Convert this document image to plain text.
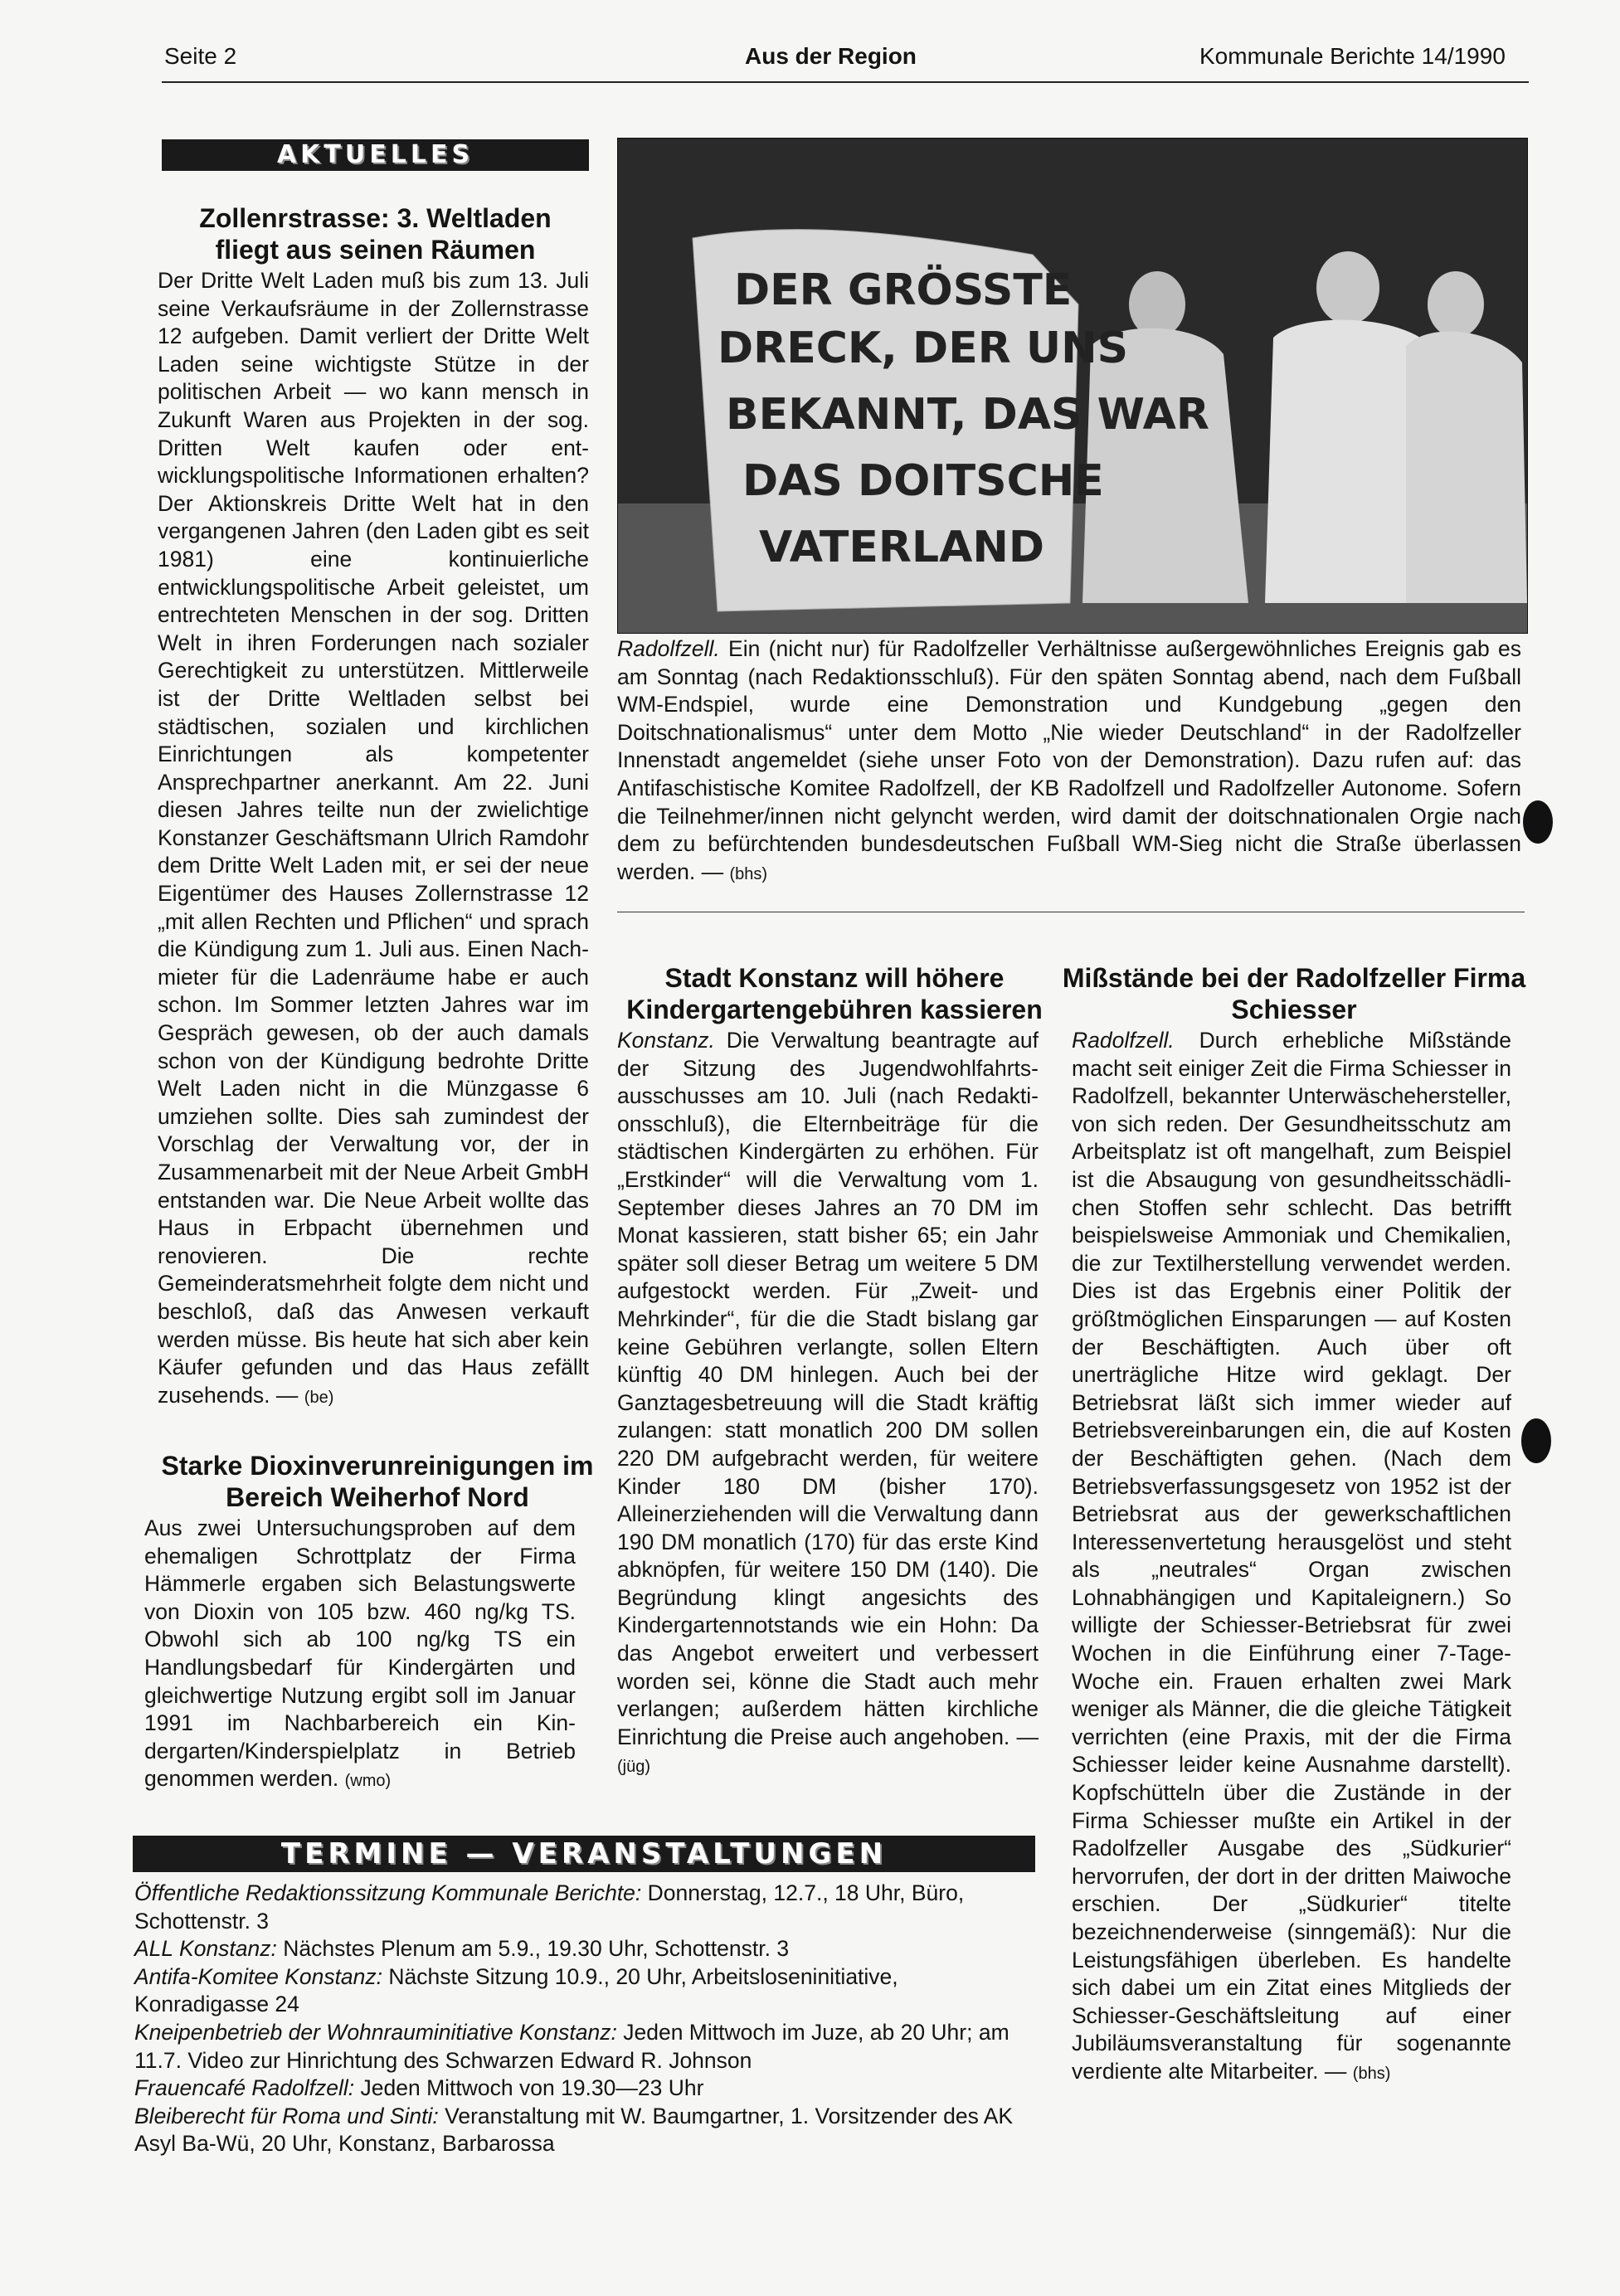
Seite 2	Aus der Region	Kommunale Berichte 14/1990
AKTUELLES
Zollenrstrasse: 3. Weltladen fliegt aus seinen Räumen
Der Dritte Welt Laden muß bis zum 13. Juli seine Verkaufsräume in der Zollernstrasse 12 aufgeben. Damit verliert der Dritte Welt Laden seine wichtigste Stütze in der politischen Arbeit — wo kann mensch in Zukunft Waren aus Projekten in der sog. Dritten Welt kaufen oder entwicklungspolitische Informationen erhalten? Der Aktionskreis Dritte Welt hat in den vergangenen Jahren (den Laden gibt es seit 1981) eine kontinuierliche entwicklungspolitische Arbeit geleistet, um entrechteten Menschen in der sog. Dritten Welt in ihren Forderungen nach sozialer Gerechtigkeit zu unterstützen. Mittlerweile ist der Dritte Weltladen selbst bei städtischen, sozialen und kirchlichen Einrichtungen als kompetenter Ansprechpartner anerkannt. Am 22. Juni diesen Jahres teilte nun der zwielichtige Konstanzer Geschäftsmann Ulrich Ramdohr dem Dritte Welt Laden mit, er sei der neue Eigentümer des Hauses Zollernstrasse 12 „mit allen Rechten und Pflichen“ und sprach die Kündigung zum 1. Juli aus. Einen Nachmieter für die Ladenräume habe er auch schon. Im Sommer letzten Jahres war im Gespräch gewesen, ob der auch damals schon von der Kündigung bedrohte Dritte Welt Laden nicht in die Münzgasse 6 umziehen sollte. Dies sah zumindest der Vorschlag der Verwaltung vor, der in Zusammenarbeit mit der Neue Arbeit GmbH entstanden war. Die Neue Arbeit wollte das Haus in Erbpacht übernehmen und renovieren. Die rechte Gemeinderatsmehrheit folgte dem nicht und beschloß, daß das Anwesen verkauft werden müsse. Bis heute hat sich aber kein Käufer gefunden und das Haus zefällt zusehends. — (be)
Starke Dioxinverunreinigungen im Bereich Weiherhof Nord
Aus zwei Untersuchungsproben auf dem ehemaligen Schrottplatz der Firma Hämmerle ergaben sich Belastungswerte von Dioxin von 105 bzw. 460 ng/kg TS. Obwohl sich ab 100 ng/kg TS ein Handlungsbedarf für Kindergärten und gleichwertige Nutzung ergibt soll im Januar 1991 im Nachbarbereich ein Kindergarten/Kinderspielplatz in Betrieb genommen werden. (wmo)
DER GRÖSSTE
DRECK, DER UNS
BEKANNT, DAS WAR
DAS DOITSCHE
VATERLAND
Radolfzell. Ein (nicht nur) für Radolfzeller Verhältnisse außergewöhnliches Ereignis gab es am Sonntag (nach Redaktionsschluß). Für den späten Sonntag abend, nach dem Fußball WM-Endspiel, wurde eine Demonstration und Kundgebung „gegen den Doitschnationalismus“ unter dem Motto „Nie wieder Deutschland“ in der Radolfzeller Innenstadt angemeldet (siehe unser Foto von der Demonstration). Dazu rufen auf: das Antifaschistische Komitee Radolfzell, der KB Radolfzell und Radolfzeller Autonome. Sofern die Teilnehmer/innen nicht gelyncht werden, wird damit der doitschnationalen Orgie nach dem zu befürchtenden bundesdeutschen Fußball WM-Sieg nicht die Straße überlassen werden. — (bhs)
Stadt Konstanz will höhere Kindergartengebühren kassieren
Konstanz. Die Verwaltung beantragte auf der Sitzung des Jugendwohlfahrtsausschusses am 10. Juli (nach Redaktionsschluß), die Elternbeiträge für die städtischen Kindergärten zu erhöhen. Für „Erstkinder“ will die Verwaltung vom 1. September dieses Jahres an 70 DM im Monat kassieren, statt bisher 65; ein Jahr später soll dieser Betrag um weitere 5 DM aufgestockt werden. Für „Zweit- und Mehrkinder“, für die die Stadt bislang gar keine Gebühren verlangte, sollen Eltern künftig 40 DM hinlegen. Auch bei der Ganztagesbetreuung will die Stadt kräftig zulangen: statt monatlich 200 DM sollen 220 DM aufgebracht werden, für weitere Kinder 180 DM (bisher 170). Alleinerziehenden will die Verwaltung dann 190 DM monatlich (170) für das erste Kind abknöpfen, für weitere 150 DM (140). Die Begründung klingt angesichts des Kindergartennotstands wie ein Hohn: Da das Angebot erweitert und verbessert worden sei, könne die Stadt auch mehr verlangen; außerdem hätten kirchliche Einrichtung die Preise auch angehoben. — (jüg)
Mißstände bei der Radolfzeller Firma Schiesser
Radolfzell. Durch erhebliche Mißstände macht seit einiger Zeit die Firma Schiesser in Radolfzell, bekannter Unterwäschehersteller, von sich reden. Der Gesundheitsschutz am Arbeitsplatz ist oft mangelhaft, zum Beispiel ist die Absaugung von gesundheitsschädlichen Stoffen sehr schlecht. Das betrifft beispielsweise Ammoniak und Chemikalien, die zur Textilherstellung verwendet werden. Dies ist das Ergebnis einer Politik der größtmöglichen Einsparungen — auf Kosten der Beschäftigten. Auch über oft unerträgliche Hitze wird geklagt. Der Betriebsrat läßt sich immer wieder auf Betriebsvereinbarungen ein, die auf Kosten der Beschäftigten gehen. (Nach dem Betriebsverfassungsgesetz von 1952 ist der Betriebsrat aus der gewerkschaftlichen Interessenvertetung herausgelöst und steht als „neutrales“ Organ zwischen Lohnabhängigen und Kapitaleignern.) So willigte der Schiesser-Betriebsrat für zwei Wochen in die Einführung einer 7-Tage-Woche ein. Frauen erhalten zwei Mark weniger als Männer, die die gleiche Tätigkeit verrichten (eine Praxis, mit der die Firma Schiesser leider keine Ausnahme darstellt). Kopfschütteln über die Zustände in der Firma Schiesser mußte ein Artikel in der Radolfzeller Ausgabe des „Südkurier“ hervorrufen, der dort in der dritten Maiwoche erschien. Der „Südkurier“ titelte bezeichnenderweise (sinngemäß): Nur die Leistungsfähigen überleben. Es handelte sich dabei um ein Zitat eines Mitglieds der Schiesser-Geschäftsleitung auf einer Jubiläumsveranstaltung für sogenannte verdiente alte Mitarbeiter. — (bhs)
TERMINE — VERANSTALTUNGEN

Öffentliche Redaktionssitzung Kommunale Berichte: Donnerstag, 12.7., 18 Uhr, Büro, Schottenstr. 3

ALL Konstanz: Nächstes Plenum am 5.9., 19.30 Uhr, Schottenstr. 3

Antifa-Komitee Konstanz: Nächste Sitzung 10.9., 20 Uhr, Arbeitsloseninitiative, Konradigasse 24

Kneipenbetrieb der Wohnrauminitiative Konstanz: Jeden Mittwoch im Juze, ab 20 Uhr; am 11.7. Video zur Hinrichtung des Schwarzen Edward R. Johnson

Frauencafé Radolfzell: Jeden Mittwoch von 19.30—23 Uhr

Bleiberecht für Roma und Sinti: Veranstaltung mit W. Baumgartner, 1. Vorsitzender des AK Asyl Ba-Wü, 20 Uhr, Konstanz, Barbarossa
